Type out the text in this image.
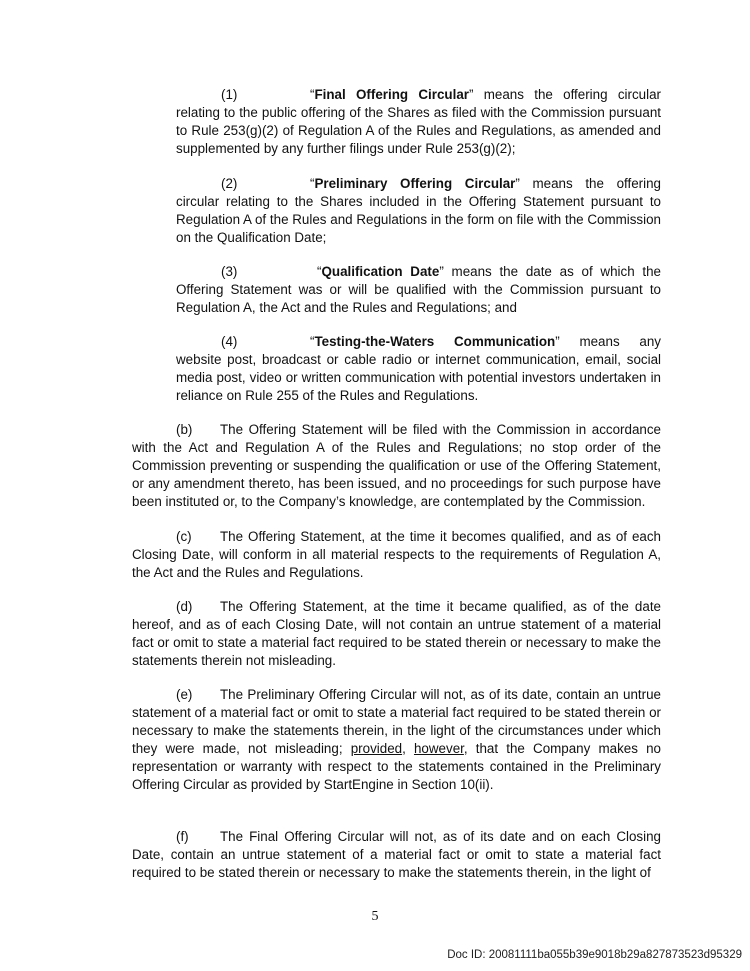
(1)	“Final Offering Circular” means the offering circular relating to the public offering of the Shares as filed with the Commission pursuant to Rule 253(g)(2) of Regulation A of the Rules and Regulations, as amended and supplemented by any further filings under Rule 253(g)(2);

(2)	“Preliminary Offering Circular” means the offering circular relating to the Shares included in the Offering Statement pursuant to Regulation A of the Rules and Regulations in the form on file with the Commission on the Qualification Date;

(3)	“Qualification Date” means the date as of which the Offering Statement was or will be qualified with the Commission pursuant to Regulation A, the Act and the Rules and Regulations; and

(4)	“Testing-the-Waters Communication” means any website post, broadcast or cable radio or internet communication, email, social media post, video or written communication with potential investors undertaken in reliance on Rule 255 of the Rules and Regulations.

(b) The Offering Statement will be filed with the Commission in accordance with the Act and Regulation A of the Rules and Regulations; no stop order of the Commission preventing or suspending the qualification or use of the Offering Statement, or any amendment thereto, has been issued, and no proceedings for such purpose have been instituted or, to the Company’s knowledge, are contemplated by the Commission.

(c) The Offering Statement, at the time it becomes qualified, and as of each Closing Date, will conform in all material respects to the requirements of Regulation A, the Act and the Rules and Regulations.

(d) The Offering Statement, at the time it became qualified, as of the date hereof, and as of each Closing Date, will not contain an untrue statement of a material fact or omit to state a material fact required to be stated therein or necessary to make the statements therein not misleading.

(e) The Preliminary Offering Circular will not, as of its date, contain an untrue statement of a material fact or omit to state a material fact required to be stated therein or necessary to make the statements therein, in the light of the circumstances under which they were made, not misleading; provided, however, that the Company makes no representation or warranty with respect to the statements contained in the Preliminary Offering Circular as provided by StartEngine in Section 10(ii).

(f) The Final Offering Circular will not, as of its date and on each Closing Date, contain an untrue statement of a material fact or omit to state a material fact required to be stated therein or necessary to make the statements therein, in the light of

5
Doc ID: 20081111ba055b39e9018b29a827873523d95329
